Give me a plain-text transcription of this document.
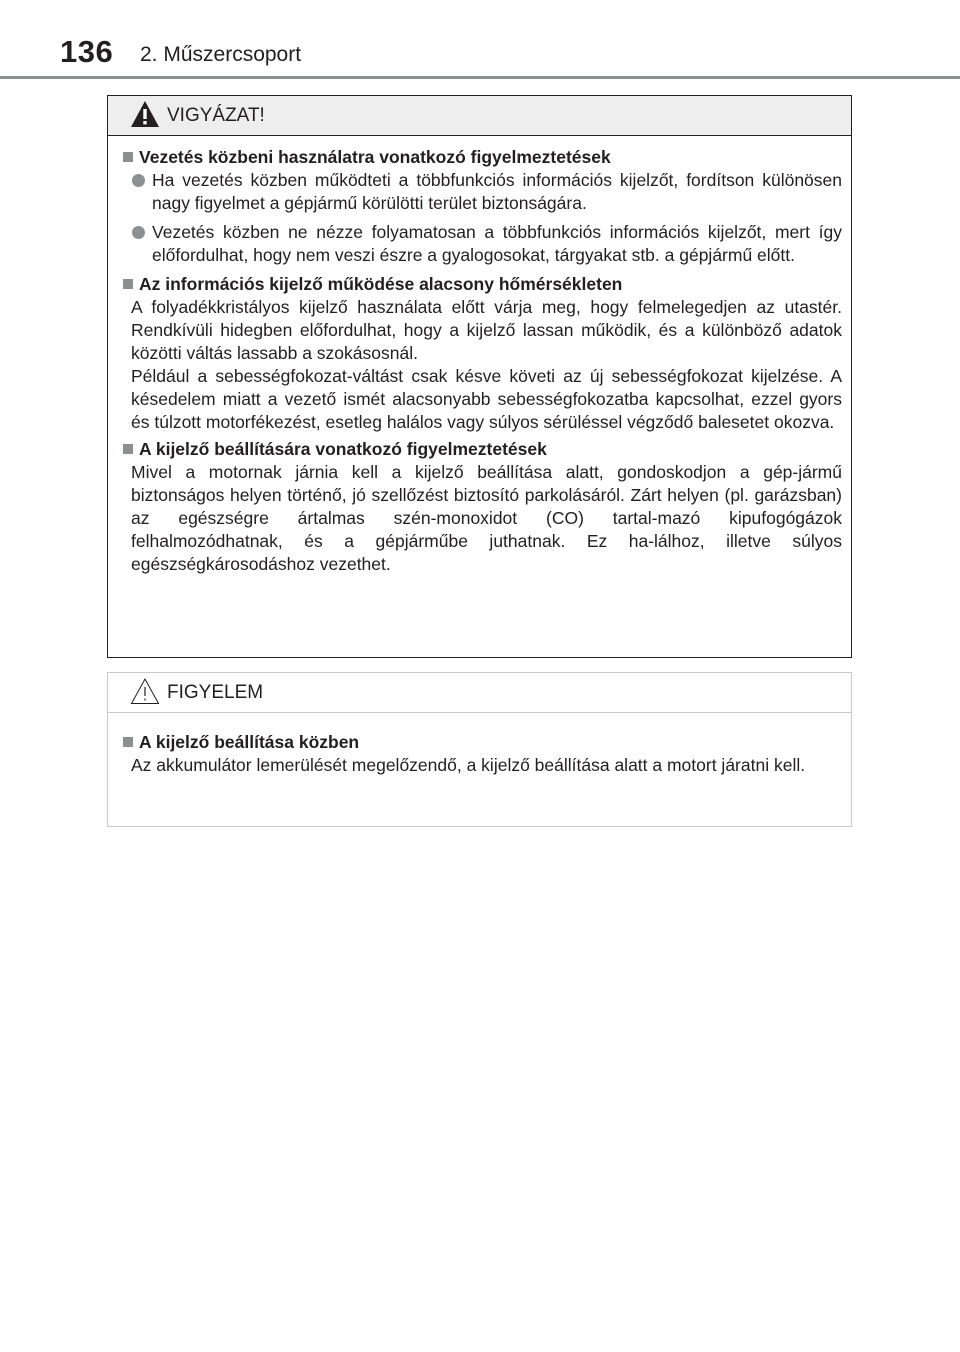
136 2. Műszercsoport
VIGYÁZAT!
Vezetés közbeni használatra vonatkozó figyelmeztetések
Ha vezetés közben működteti a többfunkciós információs kijelzőt, fordítson különösen nagy figyelmet a gépjármű körülötti terület biztonságára.
Vezetés közben ne nézze folyamatosan a többfunkciós információs kijelzőt, mert így előfordulhat, hogy nem veszi észre a gyalogosokat, tárgyakat stb. a gépjármű előtt.
Az információs kijelző működése alacsony hőmérsékleten
A folyadékkristályos kijelző használata előtt várja meg, hogy felmelegedjen az utastér. Rendkívüli hidegben előfordulhat, hogy a kijelző lassan működik, és a különböző adatok közötti váltás lassabb a szokásosnál.
Például a sebességfokozat-váltást csak késve követi az új sebességfokozat kijelzése. A késedelem miatt a vezető ismét alacsonyabb sebességfokozatba kapcsolhat, ezzel gyors és túlzott motorfékezést, esetleg halálos vagy súlyos sérüléssel végződő balesetet okozva.
A kijelző beállítására vonatkozó figyelmeztetések
Mivel a motornak járnia kell a kijelző beállítása alatt, gondoskodjon a gép-jármű biztonságos helyen történő, jó szellőzést biztosító parkolásáról. Zárt helyen (pl. garázsban) az egészségre ártalmas szén-monoxidot (CO) tartal-mazó kipufogógázok felhalmozódhatnak, és a gépjárműbe juthatnak. Ez ha-lálhoz, illetve súlyos egészségkárosodáshoz vezethet.
FIGYELEM
A kijelző beállítása közben
Az akkumulátor lemerülését megelőzendő, a kijelző beállítása alatt a motort járatni kell.
